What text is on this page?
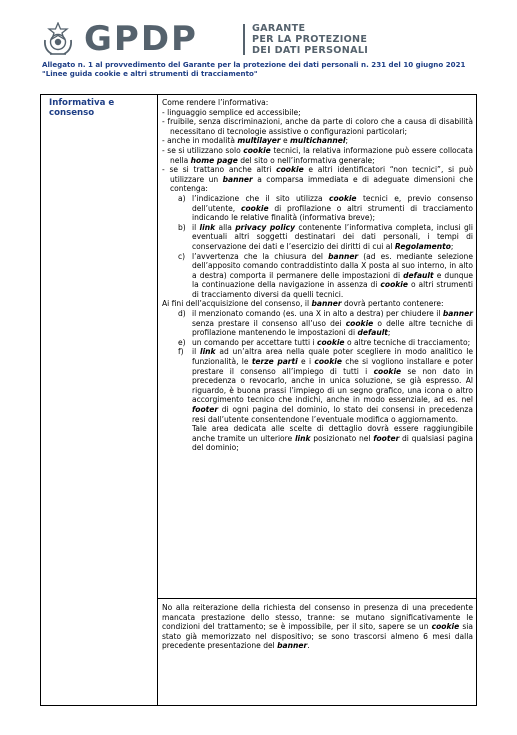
GPDP	GARANTE
PER LA PROTEZIONE
DEI DATI PERSONALI
Allegato n. 1 al provvedimento del Garante per la protezione dei dati personali n. 231 del 10 giugno 2021 "Linee guida cookie e altri strumenti di tracciamento"
Informativa e consenso
Come rendere l’informativa:
- linguaggio semplice ed accessibile;
- fruibile, senza discriminazioni, anche da parte di coloro che a causa di disabilità necessitano di tecnologie assistive o configurazioni particolari;
- anche in modalità multilayer e multichannel;
- se si utilizzano solo cookie tecnici, la relativa informazione può essere collocata nella home page del sito o nell’informativa generale;
- se si trattano anche altri cookie e altri identificatori “non tecnici”, si può utilizzare un banner a comparsa immediata e di adeguate dimensioni che contenga:
a) l’indicazione che il sito utilizza cookie tecnici e, previo consenso dell’utente, cookie di profilazione o altri strumenti di tracciamento indicando le relative finalità (informativa breve);
b) il link alla privacy policy contenente l’informativa completa, inclusi gli eventuali altri soggetti destinatari dei dati personali, i tempi di conservazione dei dati e l’esercizio dei diritti di cui al Regolamento;
c) l’avvertenza che la chiusura del banner (ad es. mediante selezione dell’apposito comando contraddistinto dalla X posta al suo interno, in alto a destra) comporta il permanere delle impostazioni di default e dunque la continuazione della navigazione in assenza di cookie o altri strumenti di tracciamento diversi da quelli tecnici.
Ai fini dell’acquisizione del consenso, il banner dovrà pertanto contenere:
d) il menzionato comando (es. una X in alto a destra) per chiudere il banner senza prestare il consenso all’uso dei cookie o delle altre tecniche di profilazione mantenendo le impostazioni di default;
e) un comando per accettare tutti i cookie o altre tecniche di tracciamento;
f) il link ad un’altra area nella quale poter scegliere in modo analitico le funzionalità, le terze parti e i cookie che si vogliono installare e poter prestare il consenso all’impiego di tutti i cookie se non dato in precedenza o revocarlo, anche in unica soluzione, se già espresso. Al riguardo, è buona prassi l’impiego di un segno grafico, una icona o altro accorgimento tecnico che indichi, anche in modo essenziale, ad es. nel footer di ogni pagina del dominio, lo stato dei consensi in precedenza resi dall’utente consentendone l’eventuale modifica o aggiornamento.
Tale area dedicata alle scelte di dettaglio dovrà essere raggiungibile anche tramite un ulteriore link posizionato nel footer di qualsiasi pagina del dominio;
No alla reiterazione della richiesta del consenso in presenza di una precedente mancata prestazione dello stesso, tranne: se mutano significativamente le condizioni del trattamento; se è impossibile, per il sito, sapere se un cookie sia stato già memorizzato nel dispositivo; se sono trascorsi almeno 6 mesi dalla precedente presentazione del banner.
